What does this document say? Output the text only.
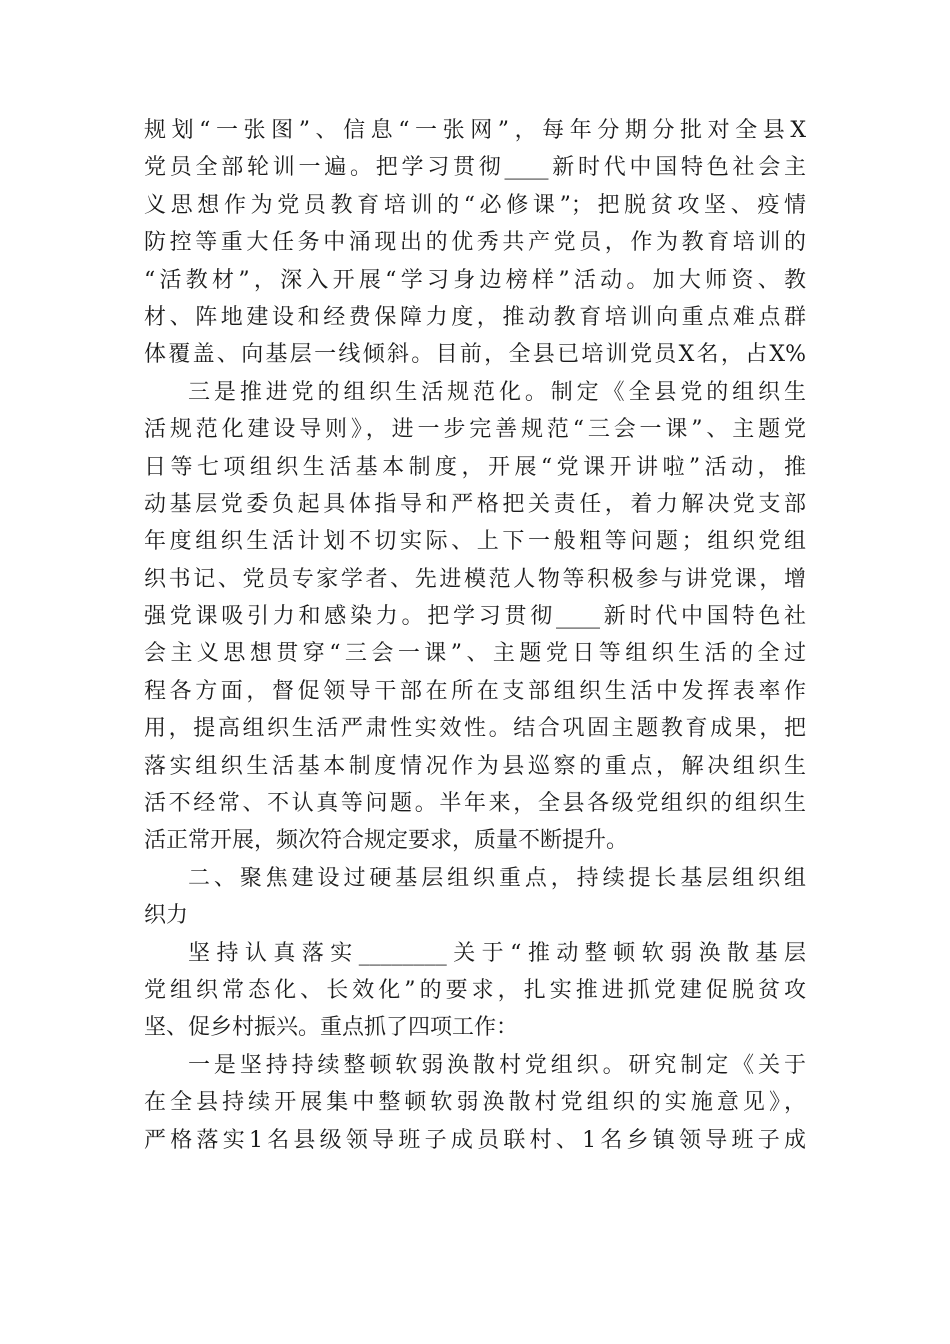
规划“一张图”、信息“一张网”，每年分期分批对全县X
党员全部轮训一遍。把学习贯彻____新时代中国特色社会主
义思想作为党员教育培训的“必修课”；把脱贫攻坚、疫情
防控等重大任务中涌现出的优秀共产党员，作为教育培训的
“活教材”，深入开展“学习身边榜样”活动。加大师资、教
材、阵地建设和经费保障力度，推动教育培训向重点难点群
体覆盖、向基层一线倾斜。目前，全县已培训党员X名，占X%
三是推进党的组织生活规范化。制定《全县党的组织生
活规范化建设导则》，进一步完善规范“三会一课”、主题党
日等七项组织生活基本制度，开展“党课开讲啦”活动，推
动基层党委负起具体指导和严格把关责任，着力解决党支部
年度组织生活计划不切实际、上下一般粗等问题；组织党组
织书记、党员专家学者、先进模范人物等积极参与讲党课，增
强党课吸引力和感染力。把学习贯彻____新时代中国特色社
会主义思想贯穿“三会一课”、主题党日等组织生活的全过
程各方面，督促领导干部在所在支部组织生活中发挥表率作
用，提高组织生活严肃性实效性。结合巩固主题教育成果，把
落实组织生活基本制度情况作为县巡察的重点，解决组织生
活不经常、不认真等问题。半年来，全县各级党组织的组织生
活正常开展，频次符合规定要求，质量不断提升。
二、聚焦建设过硬基层组织重点，持续提长基层组织组
织力
坚持认真落实________关于“推动整顿软弱涣散基层
党组织常态化、长效化”的要求，扎实推进抓党建促脱贫攻
坚、促乡村振兴。重点抓了四项工作：
一是坚持持续整顿软弱涣散村党组织。研究制定《关于
在全县持续开展集中整顿软弱涣散村党组织的实施意见》，
严格落实1名县级领导班子成员联村、1名乡镇领导班子成
